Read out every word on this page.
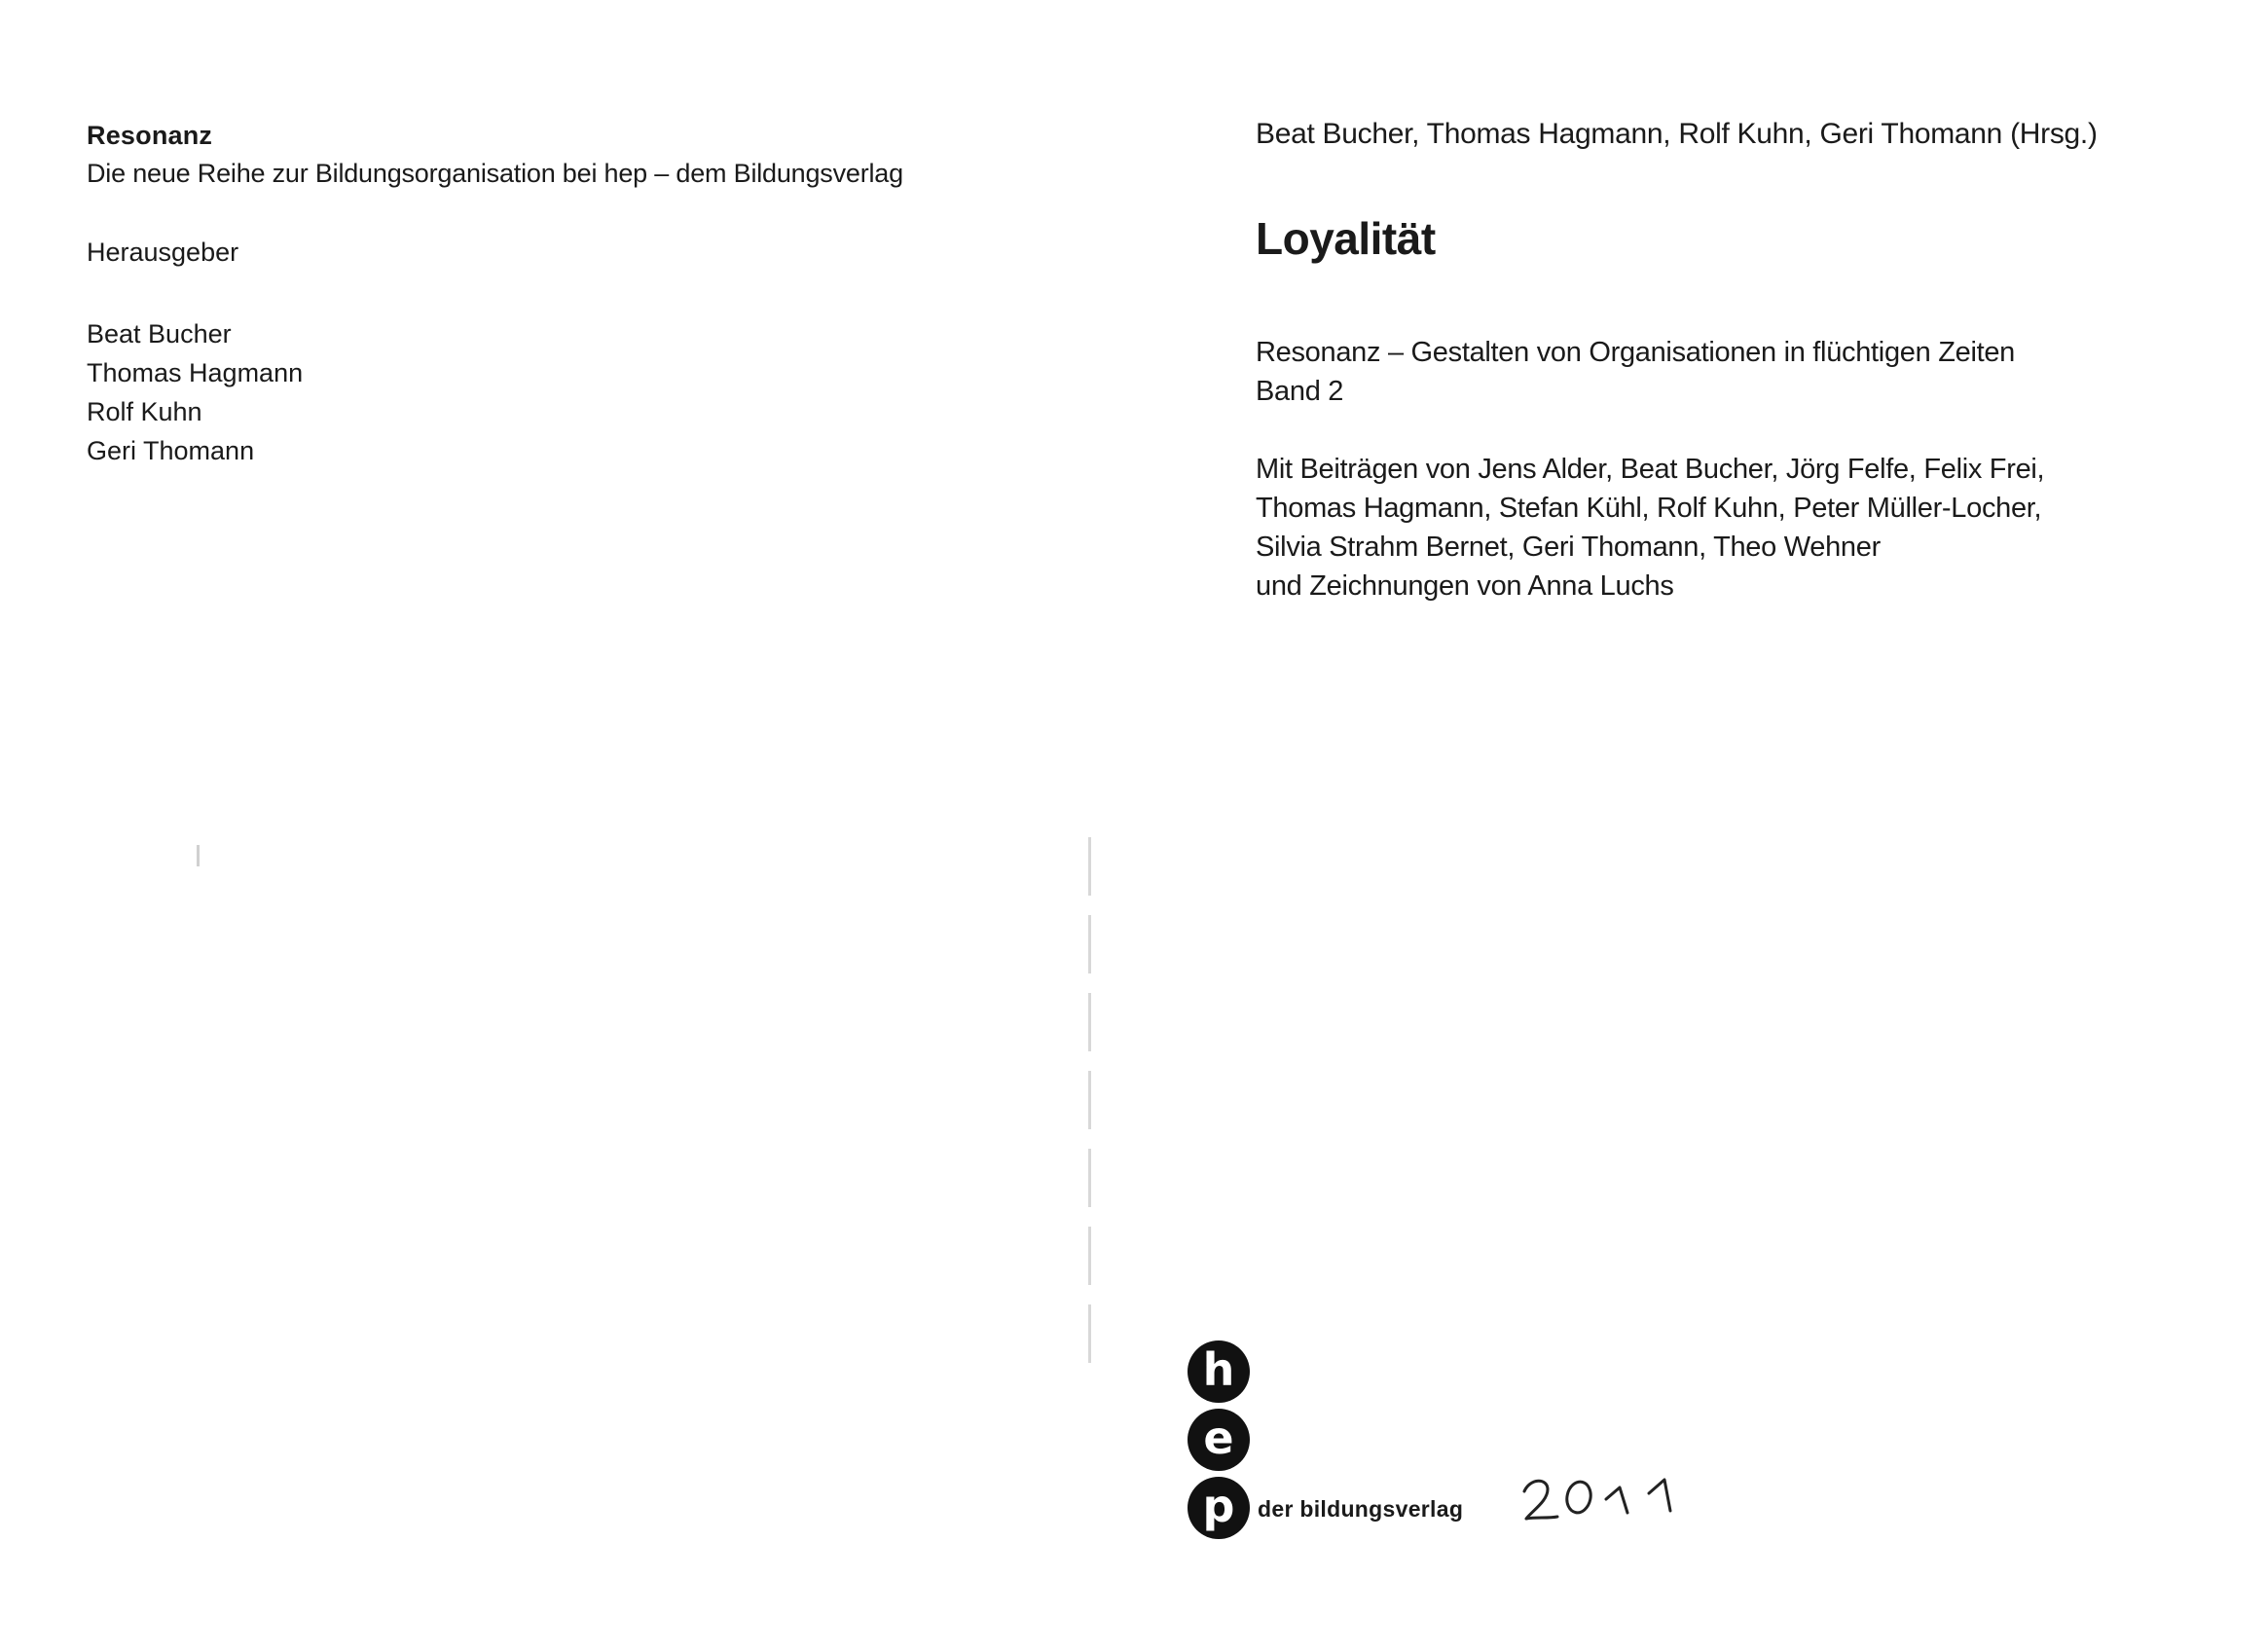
Resonanz
Die neue Reihe zur Bildungsorganisation bei hep – dem Bildungsverlag
Herausgeber
Beat Bucher
Thomas Hagmann
Rolf Kuhn
Geri Thomann
Beat Bucher, Thomas Hagmann, Rolf Kuhn, Geri Thomann (Hrsg.)
Loyalität
Resonanz – Gestalten von Organisationen in flüchtigen Zeiten
Band 2
Mit Beiträgen von Jens Alder, Beat Bucher, Jörg Felfe, Felix Frei,
Thomas Hagmann, Stefan Kühl, Rolf Kuhn, Peter Müller-Locher,
Silvia Strahm Bernet, Geri Thomann, Theo Wehner
und Zeichnungen von Anna Luchs
h
e
p	der bildungsverlag
